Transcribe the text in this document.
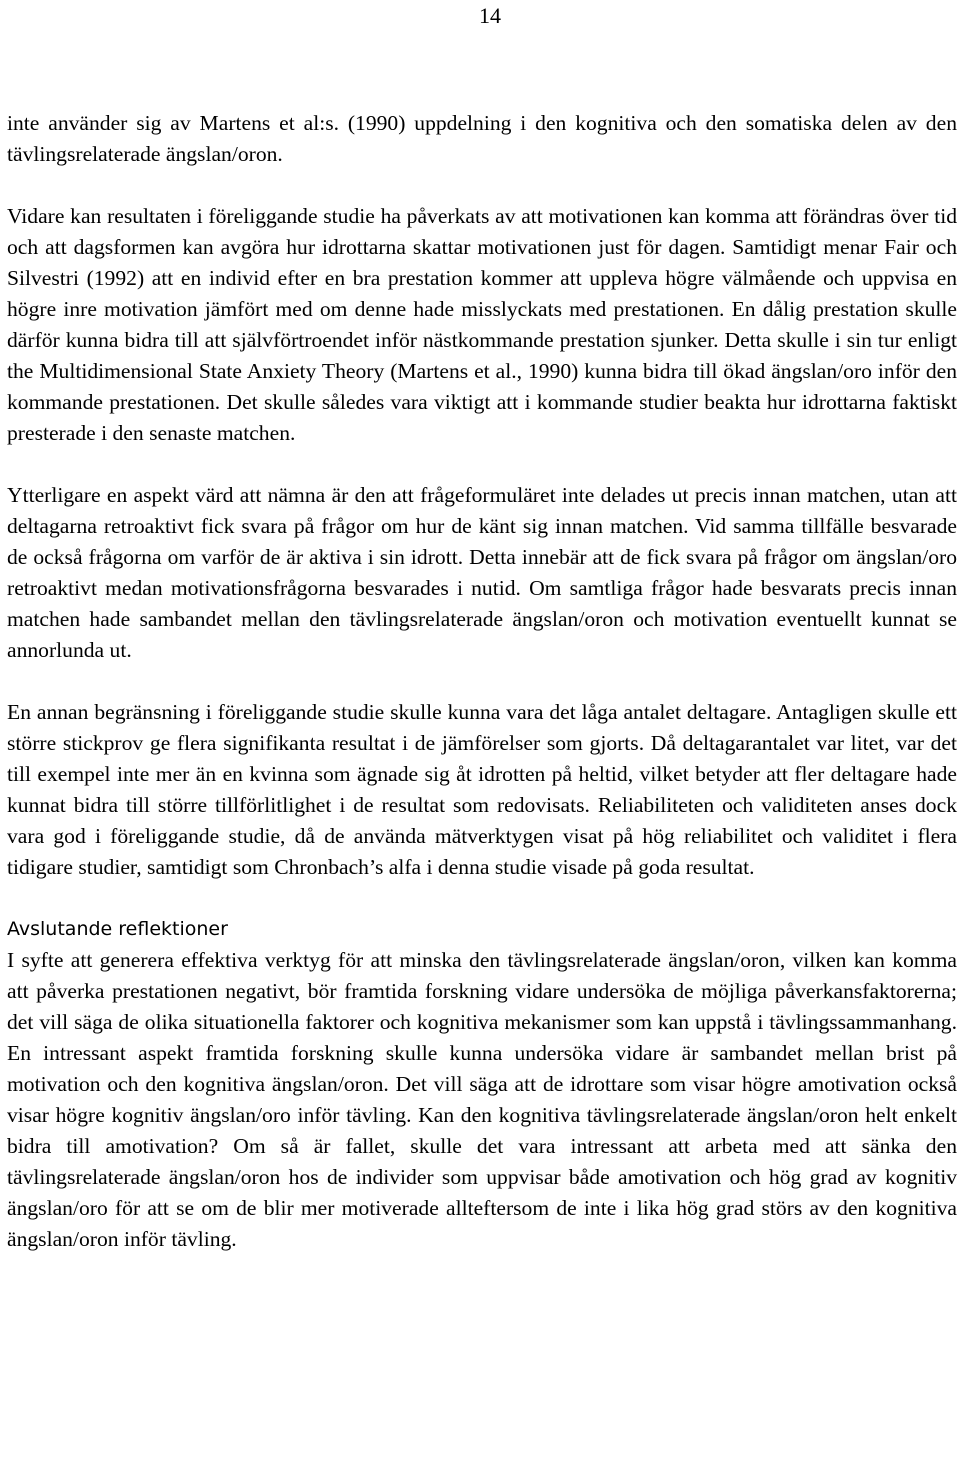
14

inte använder sig av Martens et al:s. (1990) uppdelning i den kognitiva och den somatiska delen av den tävlingsrelaterade ängslan/oron.

Vidare kan resultaten i föreliggande studie ha påverkats av att motivationen kan komma att förändras över tid och att dagsformen kan avgöra hur idrottarna skattar motivationen just för dagen. Samtidigt menar Fair och Silvestri (1992) att en individ efter en bra prestation kommer att uppleva högre välmående och uppvisa en högre inre motivation jämfört med om denne hade misslyckats med prestationen. En dålig prestation skulle därför kunna bidra till att självförtroendet inför nästkommande prestation sjunker. Detta skulle i sin tur enligt the Multidimensional State Anxiety Theory (Martens et al., 1990) kunna bidra till ökad ängslan/oro inför den kommande prestationen. Det skulle således vara viktigt att i kommande studier beakta hur idrottarna faktiskt presterade i den senaste matchen.

Ytterligare en aspekt värd att nämna är den att frågeformuläret inte delades ut precis innan matchen, utan att deltagarna retroaktivt fick svara på frågor om hur de känt sig innan matchen. Vid samma tillfälle besvarade de också frågorna om varför de är aktiva i sin idrott. Detta innebär att de fick svara på frågor om ängslan/oro retroaktivt medan motivationsfrågorna besvarades i nutid. Om samtliga frågor hade besvarats precis innan matchen hade sambandet mellan den tävlingsrelaterade ängslan/oron och motivation eventuellt kunnat se annorlunda ut.

En annan begränsning i föreliggande studie skulle kunna vara det låga antalet deltagare. Antagligen skulle ett större stickprov ge flera signifikanta resultat i de jämförelser som gjorts. Då deltagarantalet var litet, var det till exempel inte mer än en kvinna som ägnade sig åt idrotten på heltid, vilket betyder att fler deltagare hade kunnat bidra till större tillförlitlighet i de resultat som redovisats. Reliabiliteten och validiteten anses dock vara god i föreliggande studie, då de använda mätverktygen visat på hög reliabilitet och validitet i flera tidigare studier, samtidigt som Chronbach’s alfa i denna studie visade på goda resultat.

Avslutande reflektioner

I syfte att generera effektiva verktyg för att minska den tävlingsrelaterade ängslan/oron, vilken kan komma att påverka prestationen negativt, bör framtida forskning vidare undersöka de möjliga påverkansfaktorerna; det vill säga de olika situationella faktorer och kognitiva mekanismer som kan uppstå i tävlingssammanhang. En intressant aspekt framtida forskning skulle kunna undersöka vidare är sambandet mellan brist på motivation och den kognitiva ängslan/oron. Det vill säga att de idrottare som visar högre amotivation också visar högre kognitiv ängslan/oro inför tävling. Kan den kognitiva tävlingsrelaterade ängslan/oron helt enkelt bidra till amotivation? Om så är fallet, skulle det vara intressant att arbeta med att sänka den tävlingsrelaterade ängslan/oron hos de individer som uppvisar både amotivation och hög grad av kognitiv ängslan/oro för att se om de blir mer motiverade allteftersom de inte i lika hög grad störs av den kognitiva ängslan/oron inför tävling.
